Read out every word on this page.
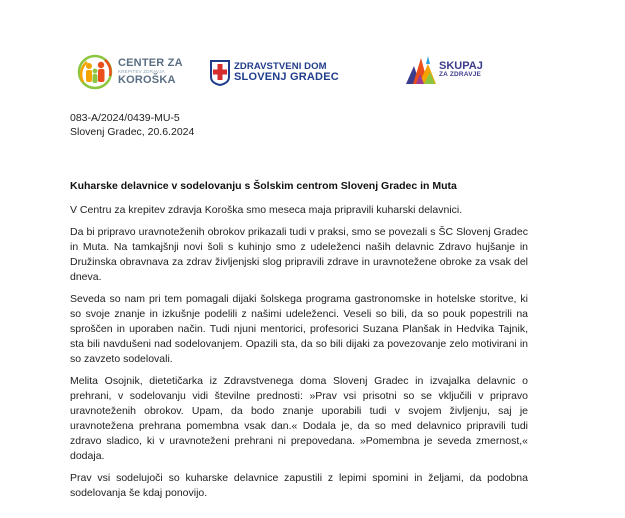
CENTER ZA
KREPITEV ZDRAVJA
KOROŠKA
ZDRAVSTVENI DOM
SLOVENJ GRADEC
SKUPAJ
ZA ZDRAVJE
083-A/2024/0439-MU-5
Slovenj Gradec, 20.6.2024
Kuharske delavnice v sodelovanju s Šolskim centrom Slovenj Gradec in Muta

V Centru za krepitev zdravja Koroška smo meseca maja pripravili kuharski delavnici.

Da bi pripravo uravnoteženih obrokov prikazali tudi v praksi, smo se povezali s ŠC Slovenj Gradec in Muta. Na tamkajšnji novi šoli s kuhinjo smo z udeleženci naših delavnic Zdravo hujšanje in Družinska obravnava za zdrav življenjski slog pripravili zdrave in uravnotežene obroke za vsak del dneva.

Seveda so nam pri tem pomagali dijaki šolskega programa gastronomske in hotelske storitve, ki so svoje znanje in izkušnje podelili z našimi udeleženci. Veseli so bili, da so pouk popestrili na sproščen in uporaben način. Tudi njuni mentorici, profesorici Suzana Planšak in Hedvika Tajnik, sta bili navdušeni nad sodelovanjem. Opazili sta, da so bili dijaki za povezovanje zelo motivirani in so zavzeto sodelovali.

Melita Osojnik, dietetičarka iz Zdravstvenega doma Slovenj Gradec in izvajalka delavnic o prehrani, v sodelovanju vidi številne prednosti: »Prav vsi prisotni so se vključili v pripravo uravnoteženih obrokov. Upam, da bodo znanje uporabili tudi v svojem življenju, saj je uravnotežena prehrana pomembna vsak dan.« Dodala je, da so med delavnico pripravili tudi zdravo sladico, ki v uravnoteženi prehrani ni prepovedana. »Pomembna je seveda zmernost,« dodaja.

Prav vsi sodelujoči so kuharske delavnice zapustili z lepimi spomini in željami, da podobna sodelovanja še kdaj ponovijo.
